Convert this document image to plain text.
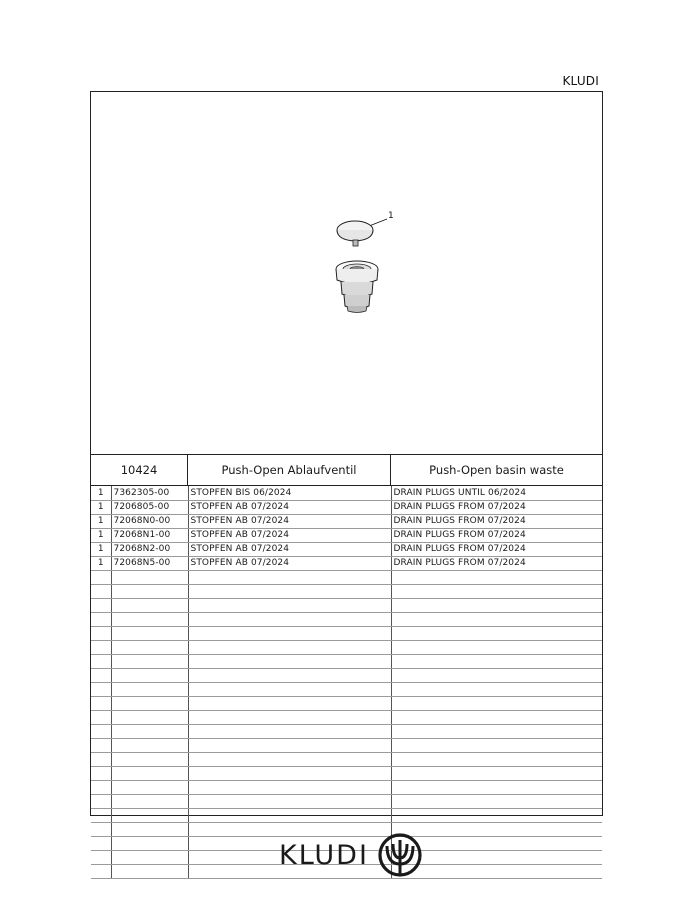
KLUDI
1
10424	Push-Open Ablaufventil	Push-Open basin waste
1	7362305-00	STOPFEN BIS 06/2024	DRAIN PLUGS UNTIL 06/2024
1	7206805-00	STOPFEN AB 07/2024	DRAIN PLUGS FROM 07/2024
1	72068N0-00	STOPFEN AB 07/2024	DRAIN PLUGS FROM 07/2024
1	72068N1-00	STOPFEN AB 07/2024	DRAIN PLUGS FROM 07/2024
1	72068N2-00	STOPFEN AB 07/2024	DRAIN PLUGS FROM 07/2024
1	72068N5-00	STOPFEN AB 07/2024	DRAIN PLUGS FROM 07/2024

KLUDI
